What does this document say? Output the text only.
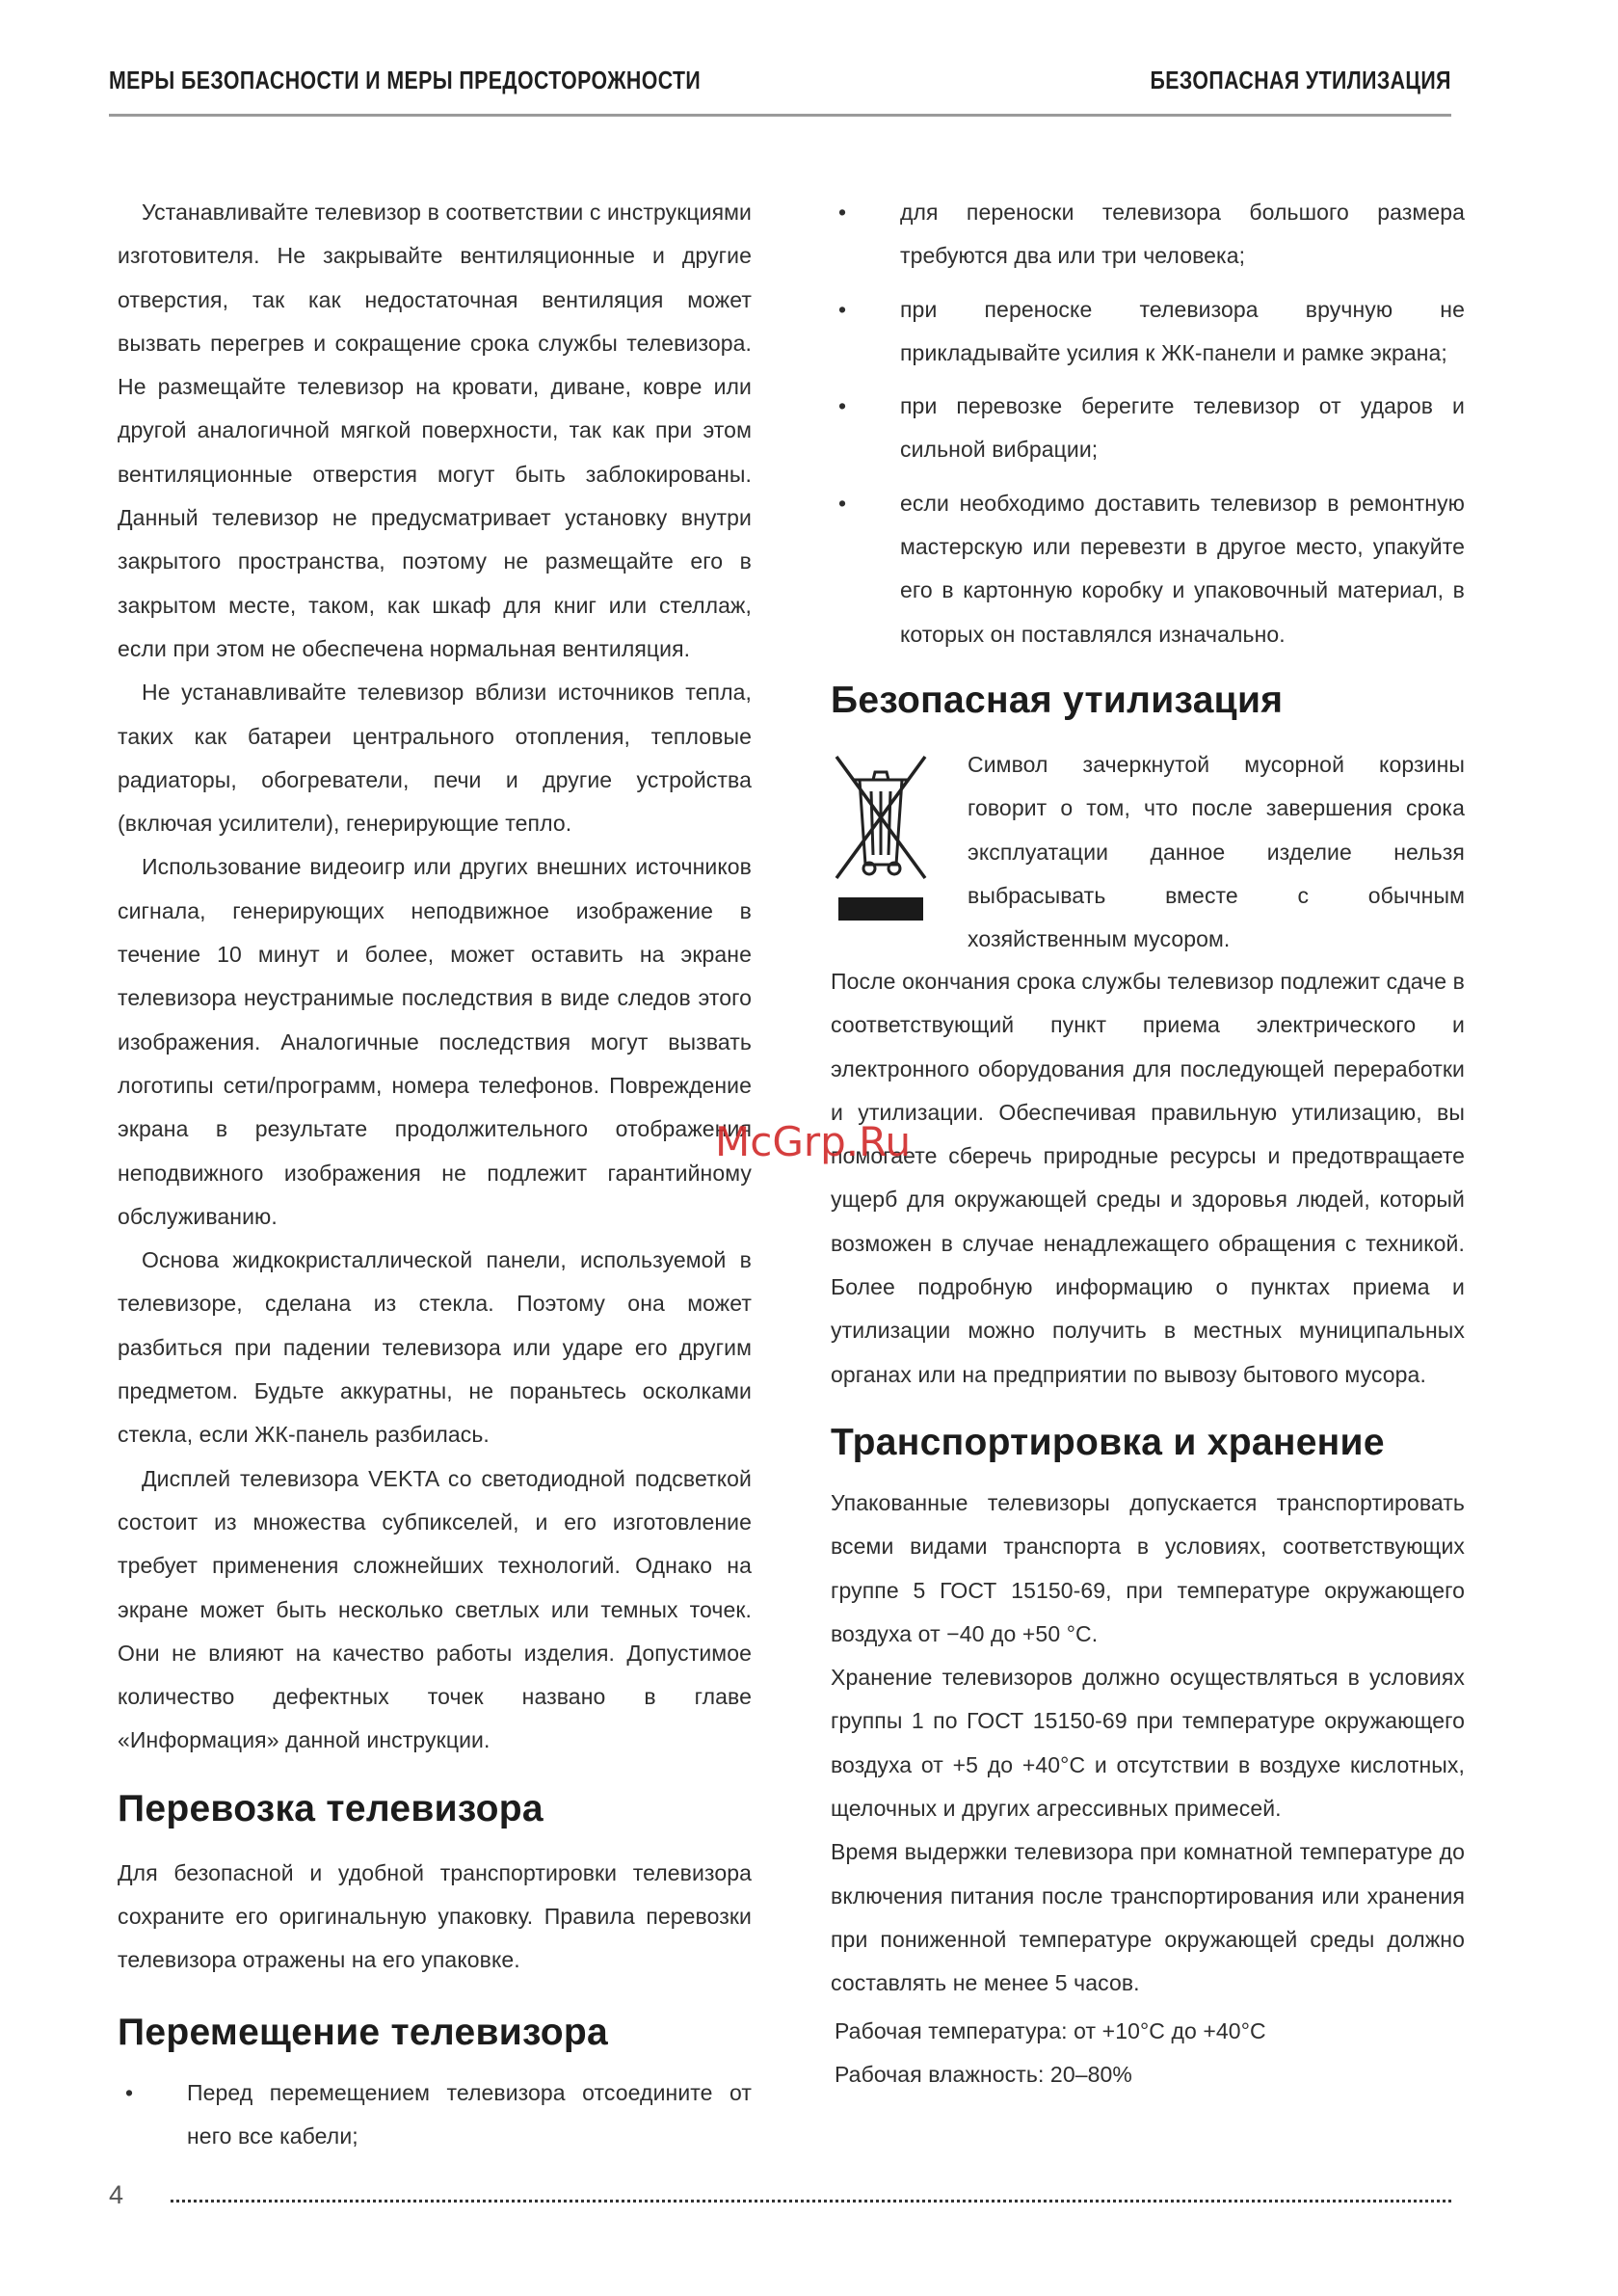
МЕРЫ БЕЗОПАСНОСТИ И МЕРЫ ПРЕДОСТОРОЖНОСТИ	БЕЗОПАСНАЯ УТИЛИЗАЦИЯ

Устанавливайте телевизор в соответствии с инструкциями изготовителя. Не закрывайте вентиляционные и другие отверстия, так как недостаточная вентиляция может вызвать перегрев и сокращение срока службы телевизора. Не размещайте телевизор на кровати, диване, ковре или другой аналогичной мягкой поверхности, так как при этом вентиляционные отверстия могут быть заблокированы. Данный телевизор не предусматривает установку внутри закрытого пространства, поэтому не размещайте его в закрытом месте, таком, как шкаф для книг или стеллаж, если при этом не обеспечена нормальная вентиляция.

Не устанавливайте телевизор вблизи источников тепла, таких как батареи центрального отопления, тепловые радиаторы, обогреватели, печи и другие устройства (включая усилители), генерирующие тепло.

Использование видеоигр или других внешних источников сигнала, генерирующих неподвижное изображение в течение 10 минут и более, может оставить на экране телевизора неустранимые последствия в виде следов этого изображения. Аналогичные последствия могут вызвать логотипы сети/программ, номера телефонов. Повреждение экрана в результате продолжительного отображения неподвижного изображения не подлежит гарантийному обслуживанию.

Основа жидкокристаллической панели, используемой в телевизоре, сделана из стекла. Поэтому она может разбиться при падении телевизора или ударе его другим предметом. Будьте аккуратны, не пораньтесь осколками стекла, если ЖК-панель разбилась.

Дисплей телевизора VEKTA со светодиодной подсветкой состоит из множества субпикселей, и его изготовление требует применения сложнейших технологий. Однако на экране может быть несколько светлых или темных точек. Они не влияют на качество работы изделия. Допустимое количество дефектных точек названо в главе «Информация» данной инструкции.

Перевозка телевизора

Для безопасной и удобной транспортировки телевизора сохраните его оригинальную упаковку. Правила перевозки телевизора отражены на его упаковке.

Перемещение телевизора
• Перед перемещением телевизора отсоедините от него все кабели;
• для переноски телевизора большого размера требуются два или три человека;
• при переноске телевизора вручную не прикладывайте усилия к ЖК-панели и рамке экрана;
• при перевозке берегите телевизор от ударов и сильной вибрации;
• если необходимо доставить телевизор в ремонтную мастерскую или перевезти в другое место, упакуйте его в картонную коробку и упаковочный материал, в которых он поставлялся изначально.
Безопасная утилизация

Символ зачеркнутой мусорной корзины говорит о том, что после завершения срока эксплуатации данное изделие нельзя выбрасывать вместе с обычным хозяйственным мусором.

После окончания срока службы телевизор подлежит сдаче в соответствующий пункт приема электрического и электронного оборудования для последующей переработки и утилизации. Обеспечивая правильную утилизацию, вы помогаете сберечь природные ресурсы и предотвращаете ущерб для окружающей среды и здоровья людей, который возможен в случае ненадлежащего обращения с техникой. Более подробную информацию о пунктах приема и утилизации можно получить в местных муниципальных органах или на предприятии по вывозу бытового мусора.

Транспортировка и хранение

Упакованные телевизоры допускается транспортировать всеми видами транспорта в условиях, соответствующих группе 5 ГОСТ 15150-69, при температуре окружающего воздуха от −40 до +50 °С.

Хранение телевизоров должно осуществляться в условиях группы 1 по ГОСТ 15150-69 при температуре окружающего воздуха от +5 до +40°С и отсутствии в воздухе кислотных, щелочных и других агрессивных примесей.

Время выдержки телевизора при комнатной температуре до включения питания после транспортирования или хранения при пониженной температуре окружающей среды должно составлять не менее 5 часов.

Рабочая температура: от +10°С до +40°С

Рабочая влажность: 20–80%

McGrp.Ru
4
